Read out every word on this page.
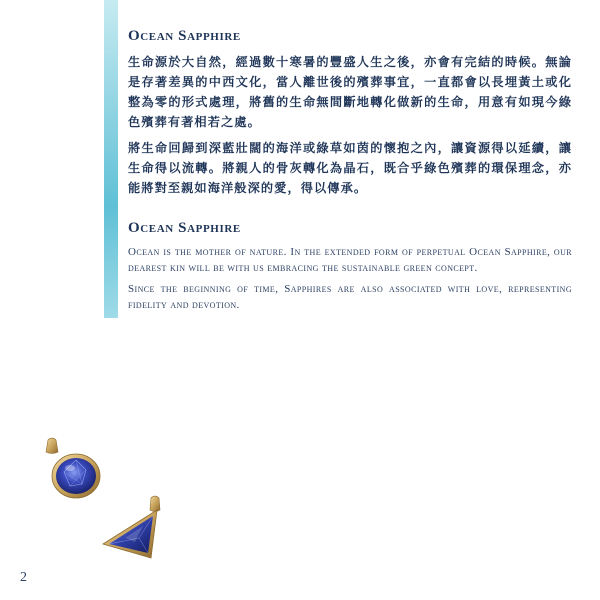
Ocean Sapphire

生命源於大自然，經過數十寒暑的豐盛人生之後，亦會有完結的時候。無論是存著差異的中西文化，當人離世後的殯葬事宜，一直都會以長埋黃土或化整為零的形式處理，將舊的生命無間斷地轉化做新的生命，用意有如現今綠色殯葬有著相若之處。

將生命回歸到深藍壯闊的海洋或綠草如茵的懷抱之內，讓資源得以延續，讓生命得以流轉。將親人的骨灰轉化為晶石，既合乎綠色殯葬的環保理念，亦能將對至親如海洋般深的愛，得以傳承。

Ocean Sapphire

Ocean is the mother of nature. In the extended form of perpetual Ocean Sapphire, our dearest kin will be with us embracing the sustainable green concept.

Since the beginning of time, Sapphires are also associated with love, representing fidelity and devotion.

2
